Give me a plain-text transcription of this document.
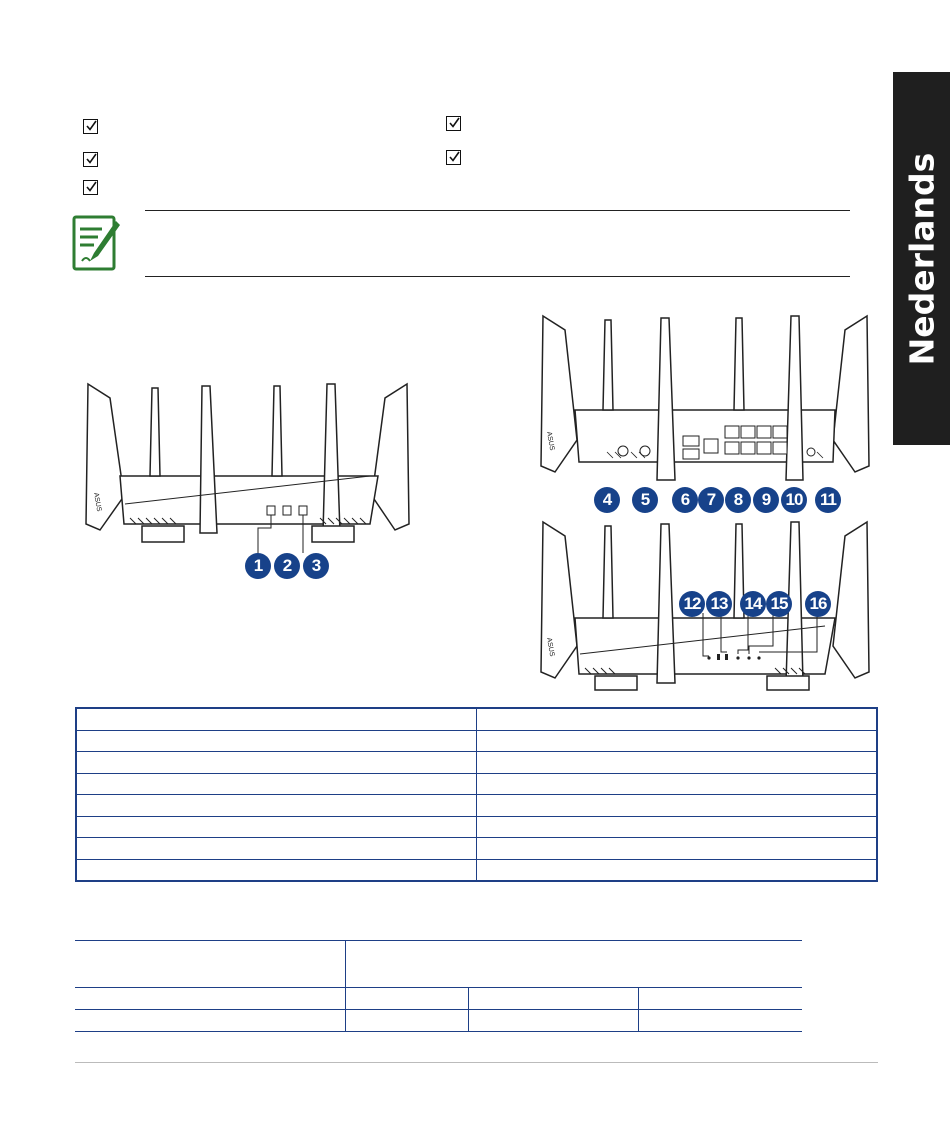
Nederlands
ASUS
1	2	3
ASUS
4	5	6	7	8	9 10 11
ASUS
12 13 14 15 16
